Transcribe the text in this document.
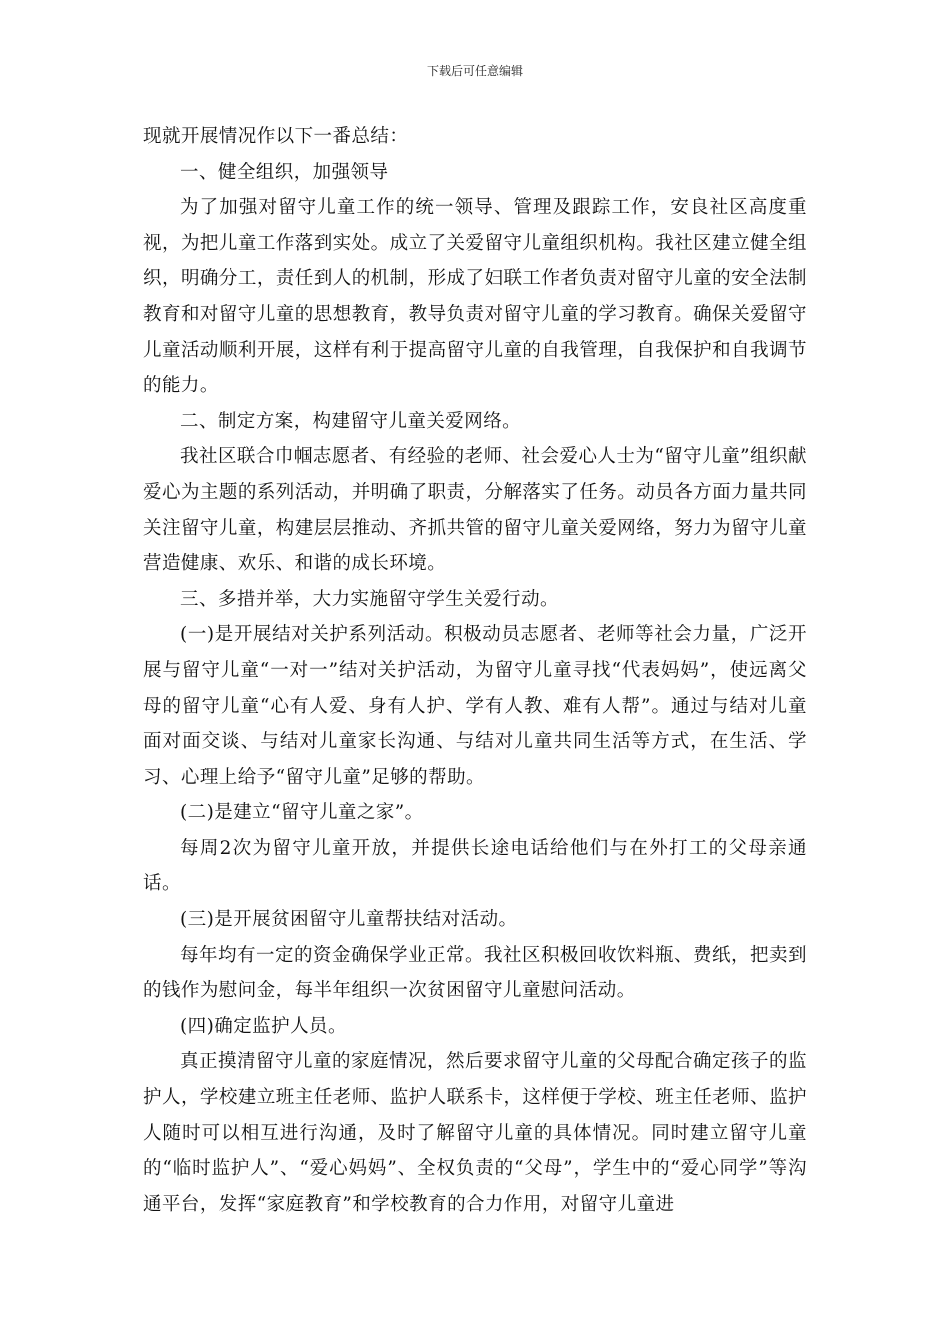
下载后可任意编辑

现就开展情况作以下一番总结：

一、健全组织，加强领导

为了加强对留守儿童工作的统一领导、管理及跟踪工作，安良社区高度重视，为把儿童工作落到实处。成立了关爱留守儿童组织机构。我社区建立健全组织，明确分工，责任到人的机制，形成了妇联工作者负责对留守儿童的安全法制教育和对留守儿童的思想教育，教导负责对留守儿童的学习教育。确保关爱留守儿童活动顺利开展，这样有利于提高留守儿童的自我管理，自我保护和自我调节的能力。

二、制定方案，构建留守儿童关爱网络。

我社区联合巾帼志愿者、有经验的老师、社会爱心人士为“留守儿童”组织献爱心为主题的系列活动，并明确了职责，分解落实了任务。动员各方面力量共同关注留守儿童，构建层层推动、齐抓共管的留守儿童关爱网络，努力为留守儿童营造健康、欢乐、和谐的成长环境。

三、多措并举，大力实施留守学生关爱行动。

(一)是开展结对关护系列活动。积极动员志愿者、老师等社会力量，广泛开展与留守儿童“一对一”结对关护活动，为留守儿童寻找“代表妈妈”，使远离父母的留守儿童“心有人爱、身有人护、学有人教、难有人帮”。通过与结对儿童面对面交谈、与结对儿童家长沟通、与结对儿童共同生活等方式，在生活、学习、心理上给予“留守儿童”足够的帮助。

(二)是建立“留守儿童之家”。

每周2次为留守儿童开放，并提供长途电话给他们与在外打工的父母亲通话。

(三)是开展贫困留守儿童帮扶结对活动。

每年均有一定的资金确保学业正常。我社区积极回收饮料瓶、费纸，把卖到的钱作为慰问金，每半年组织一次贫困留守儿童慰问活动。

(四)确定监护人员。

真正摸清留守儿童的家庭情况，然后要求留守儿童的父母配合确定孩子的监护人，学校建立班主任老师、监护人联系卡，这样便于学校、班主任老师、监护人随时可以相互进行沟通，及时了解留守儿童的具体情况。同时建立留守儿童的“临时监护人”、“爱心妈妈”、全权负责的“父母”，学生中的“爱心同学”等沟通平台，发挥“家庭教育”和学校教育的合力作用，对留守儿童进
